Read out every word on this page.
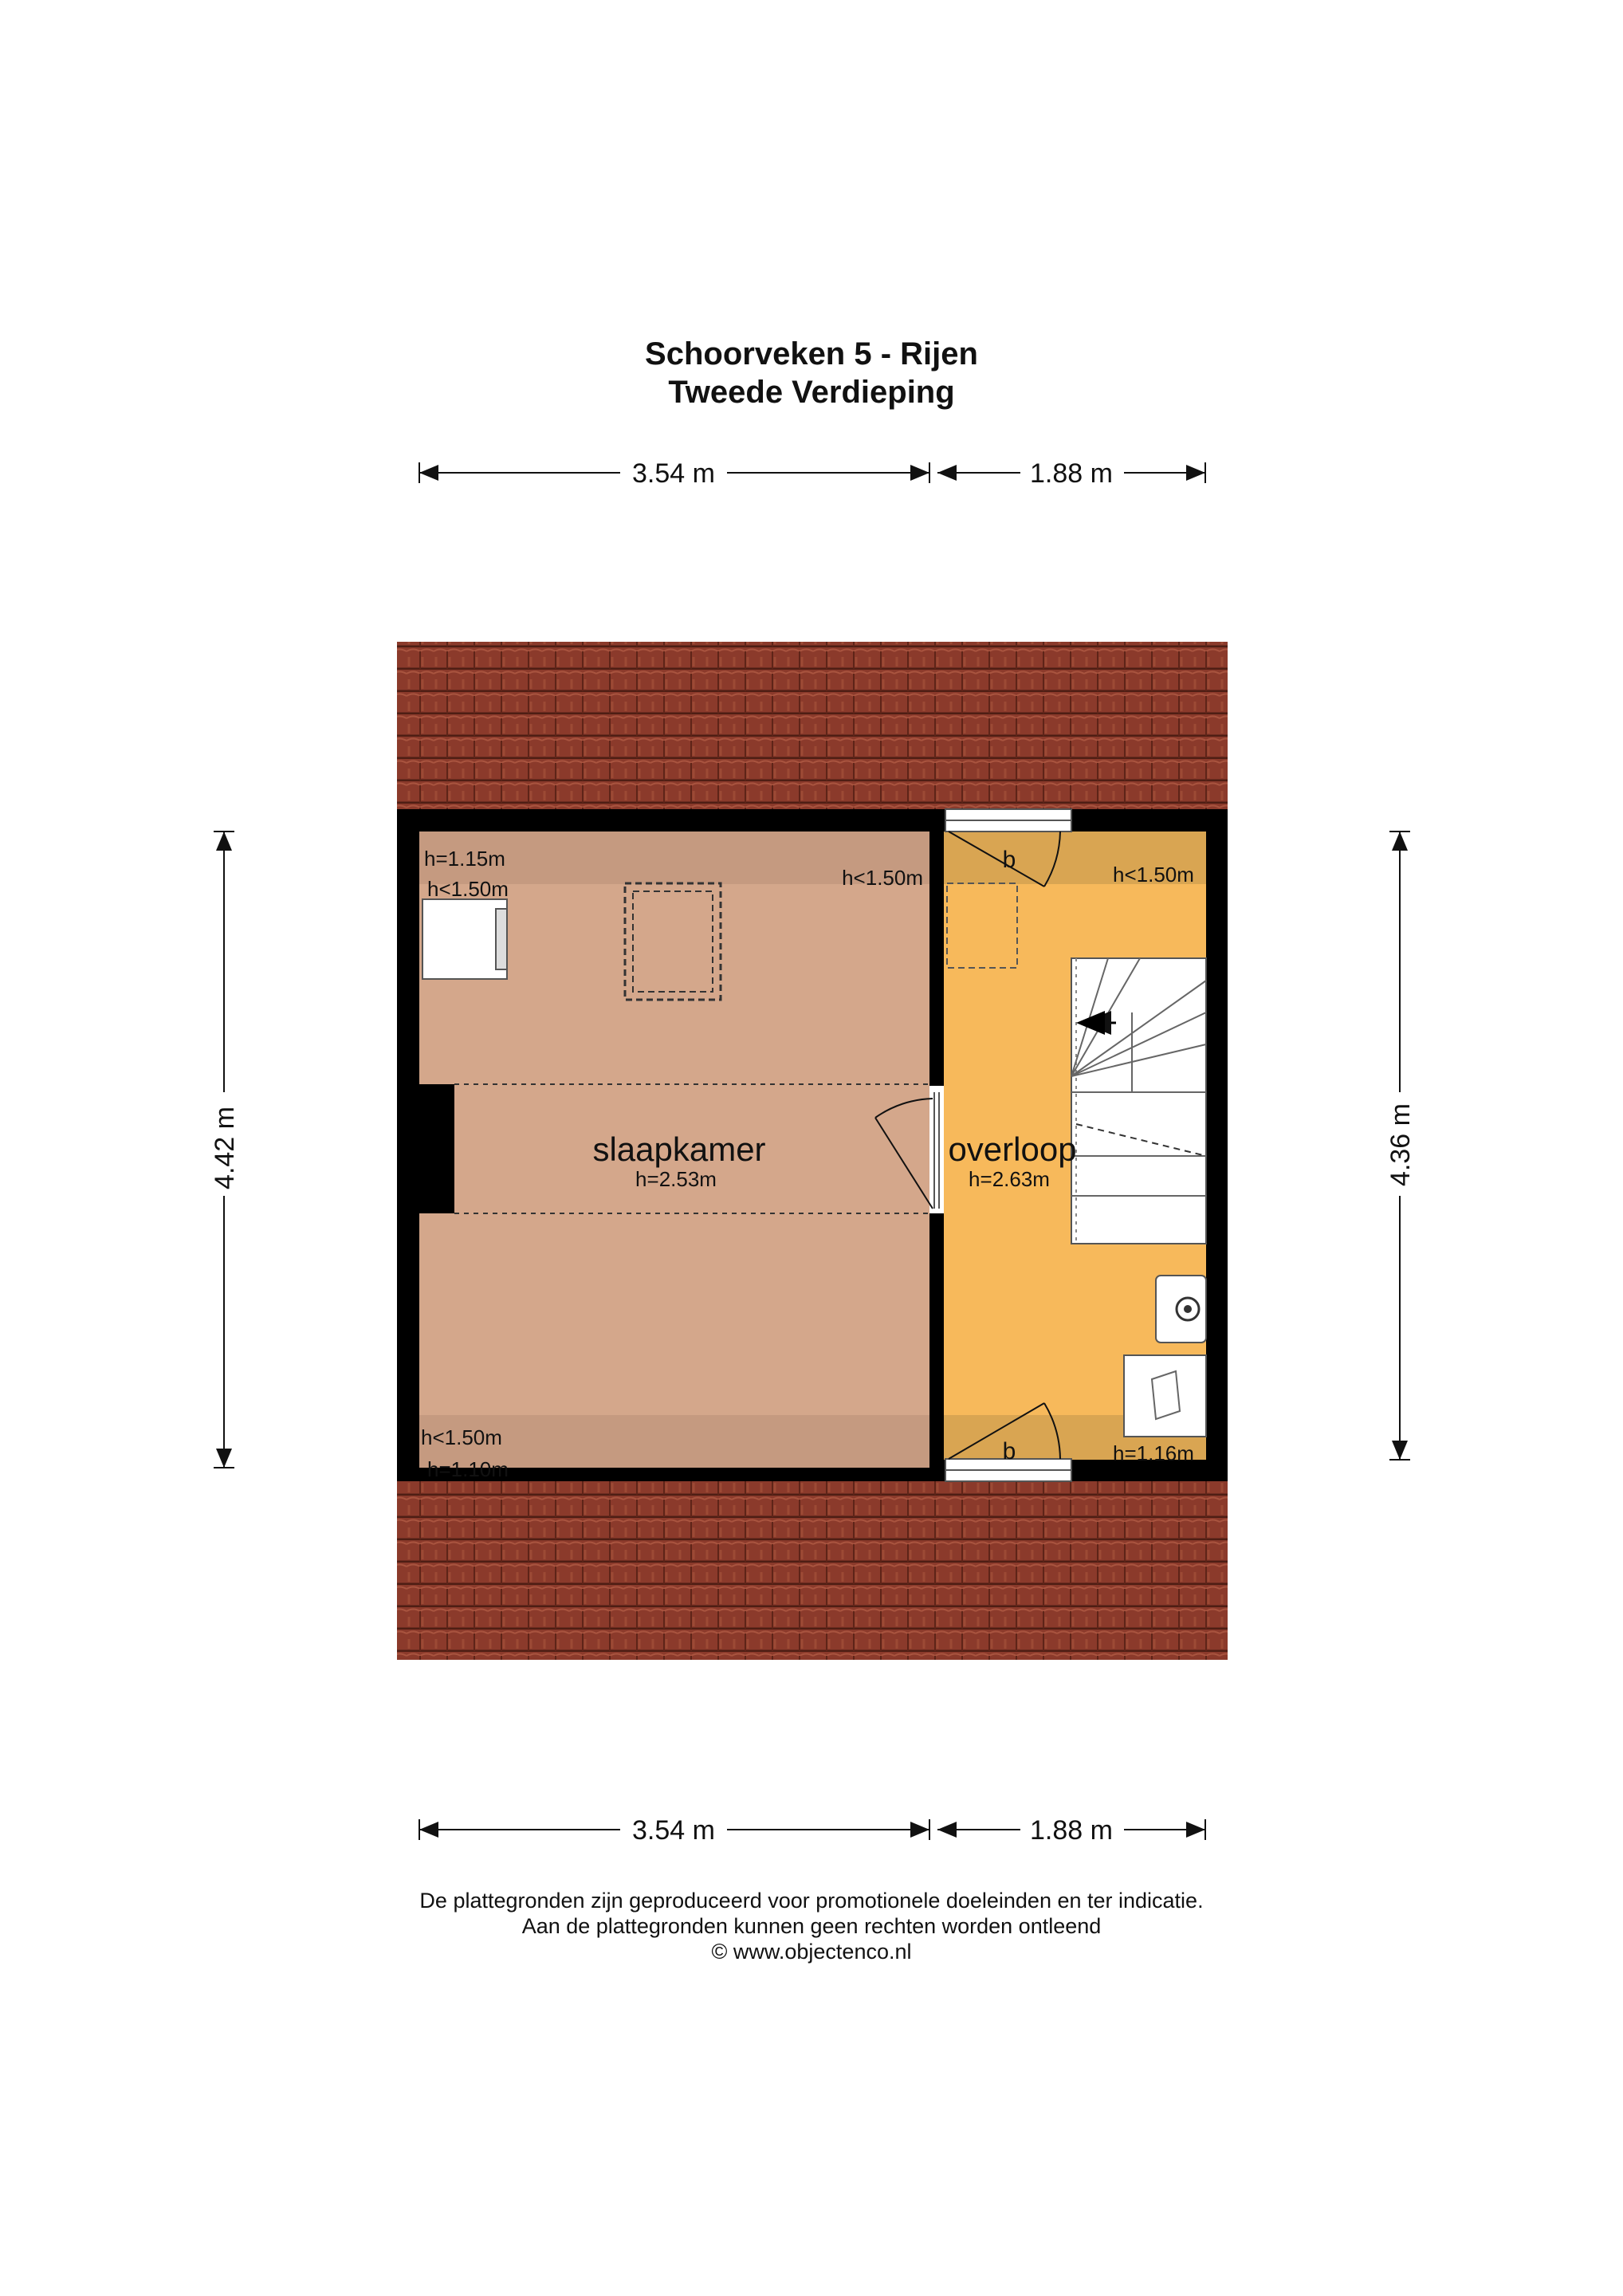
Schoorveken 5 - Rijen
Tweede Verdieping
slaapkamer
h=2.53m
overloop
h=2.63m
h=1.15m
h<1.50m	h<1.50m
h<1.50m
h=1.10m
h<1.50m
h=1.16m
b
b
3.54 m	1.88 m
3.54 m	1.88 m
4.42 m	4.36 m
De plattegronden zijn geproduceerd voor promotionele doeleinden en ter indicatie.
Aan de plattegronden kunnen geen rechten worden ontleend
© www.objectenco.nl
